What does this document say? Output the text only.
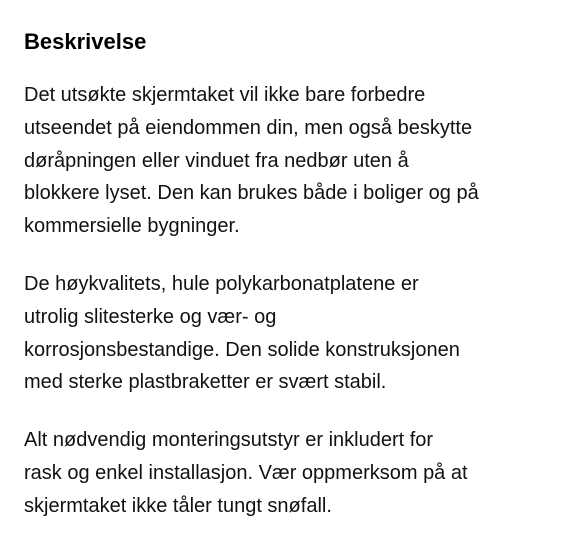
Beskrivelse

Det utsøkte skjermtaket vil ikke bare forbedre
utseendet på eiendommen din, men også beskytte
døråpningen eller vinduet fra nedbør uten å
blokkere lyset. Den kan brukes både i boliger og på
kommersielle bygninger.

De høykvalitets, hule polykarbonatplatene er
utrolig slitesterke og vær- og
korrosjonsbestandige. Den solide konstruksjonen
med sterke plastbraketter er svært stabil.

Alt nødvendig monteringsutstyr er inkludert for
rask og enkel installasjon. Vær oppmerksom på at
skjermtaket ikke tåler tungt snøfall.
